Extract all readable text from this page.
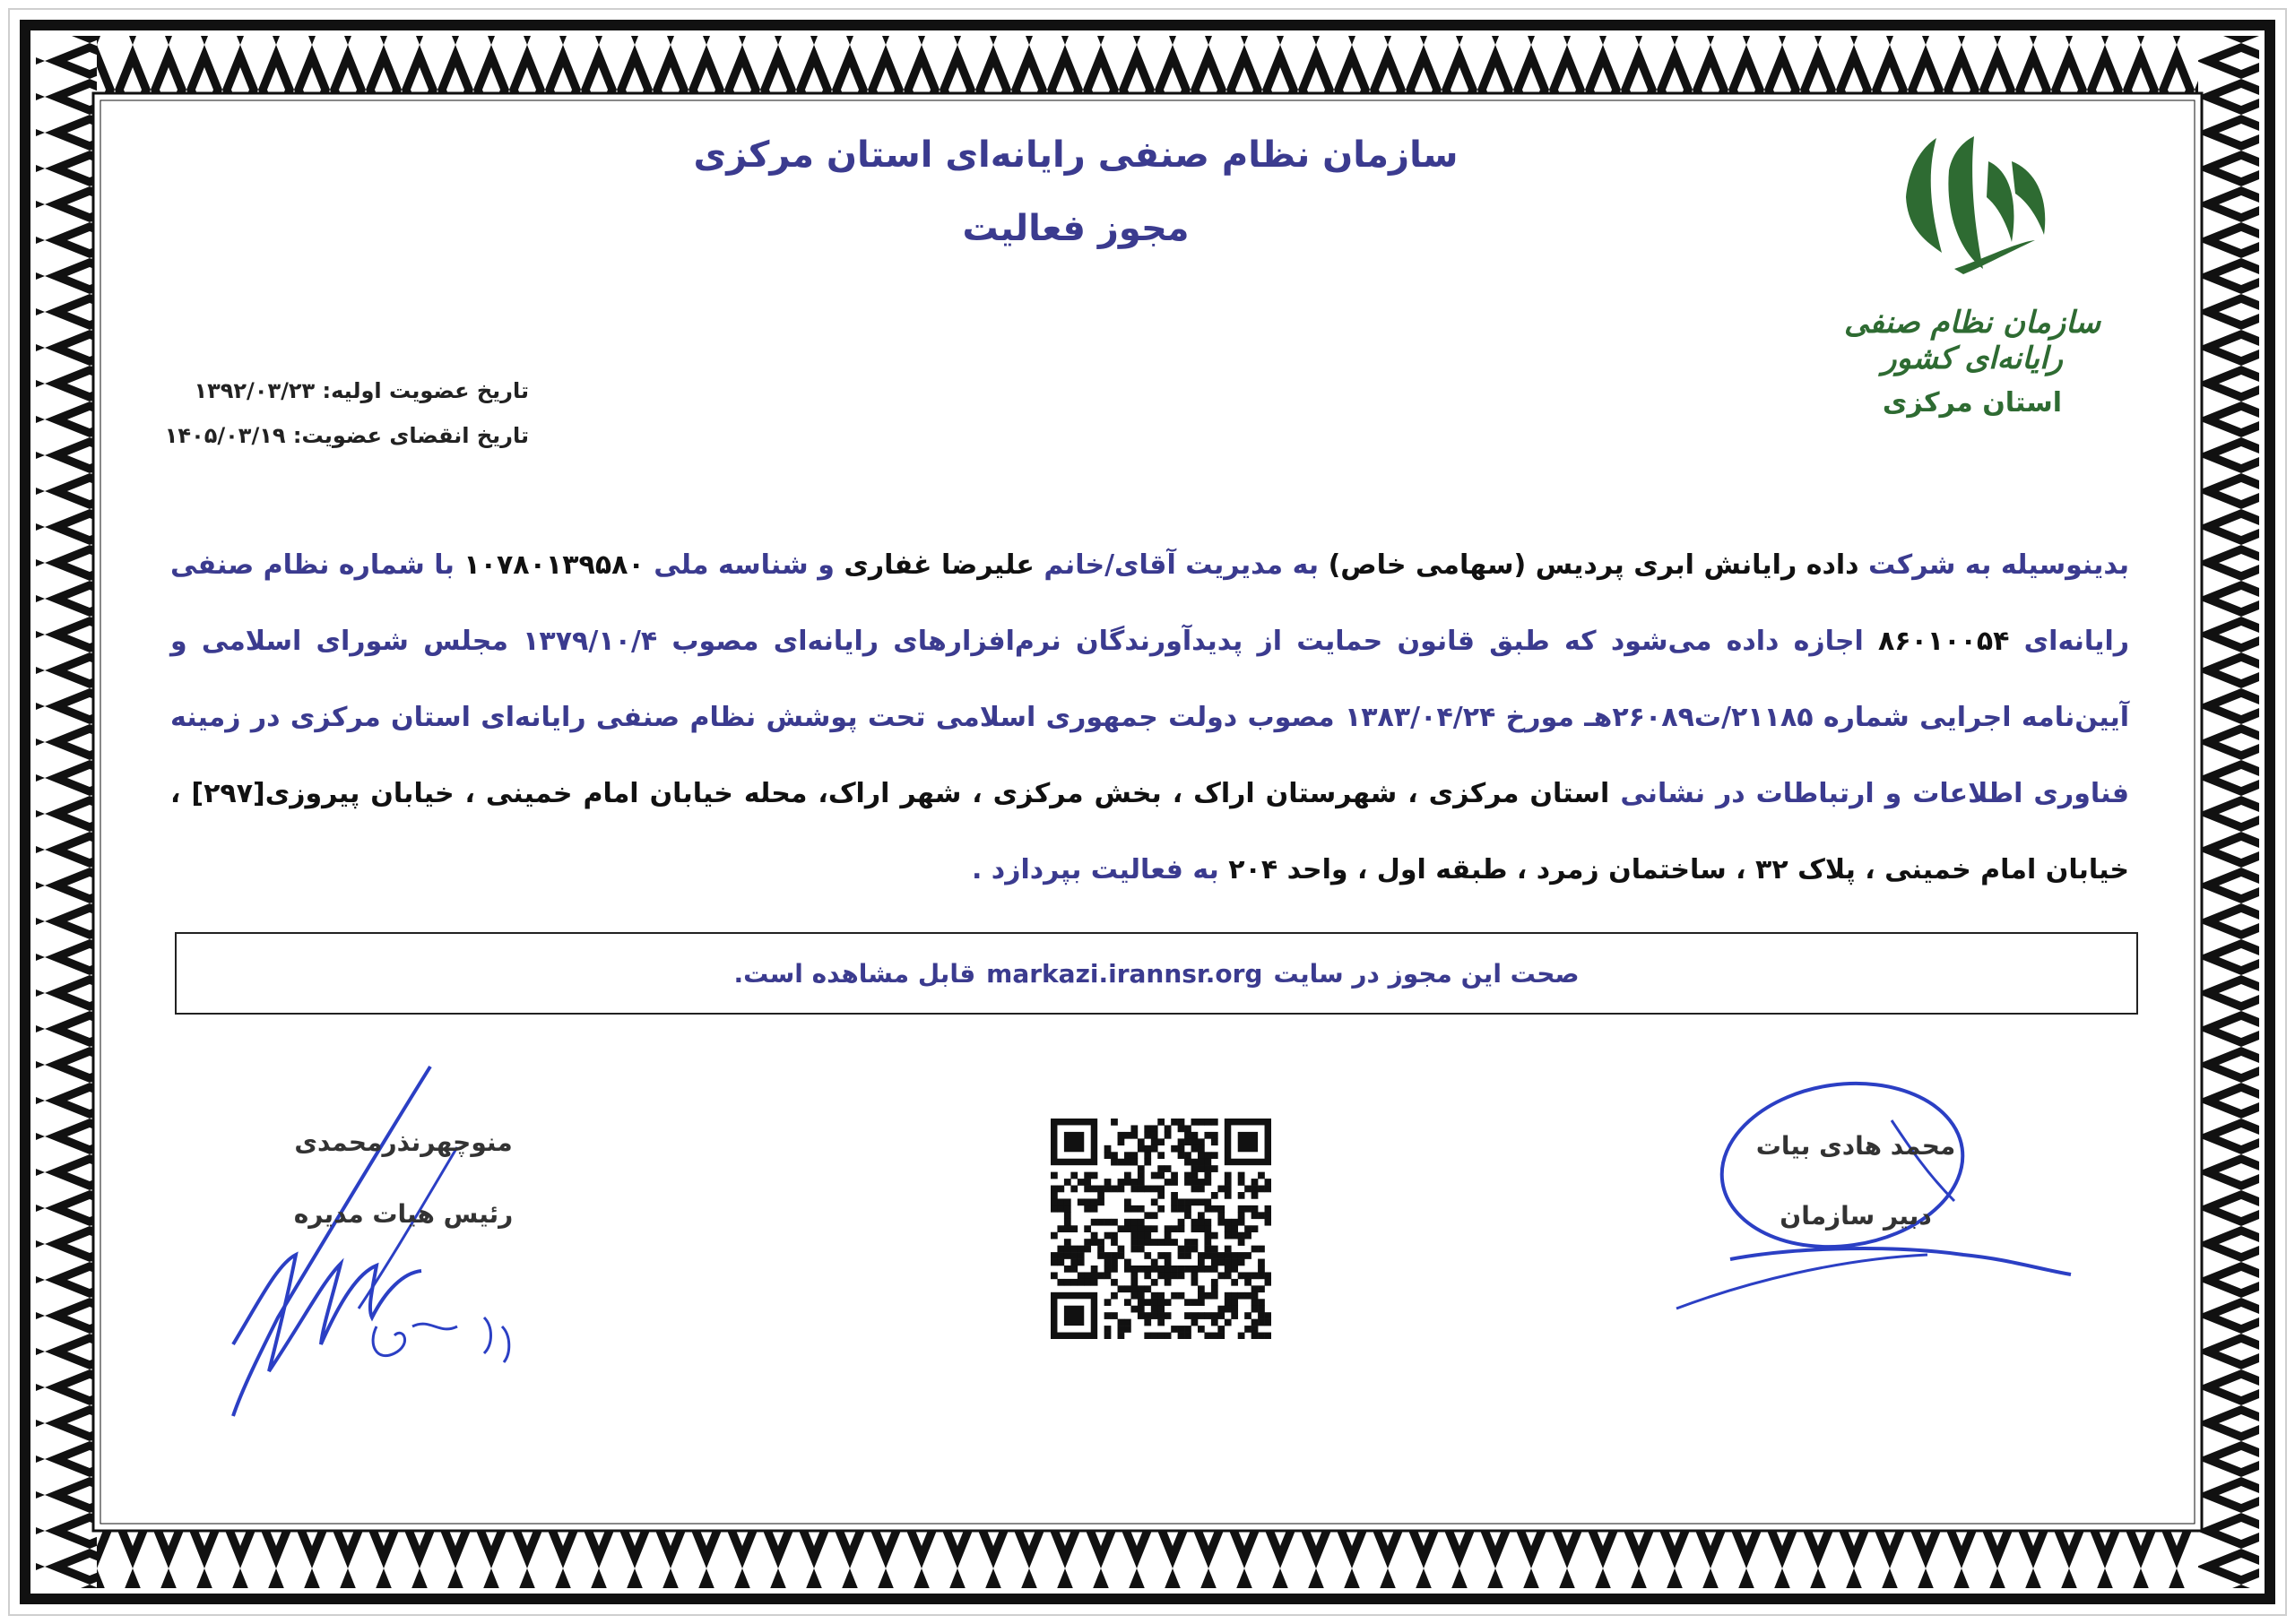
سازمان نظام صنفی رایانه‌ای استان مرکزی
مجوز فعالیت
سازمان نظام صنفی رایانه‌ای کشور
استان مرکزی
تاریخ عضویت اولیه: ۱۳۹۲/۰۳/۲۳
تاریخ انقضای عضویت: ۱۴۰۵/۰۳/۱۹
بدینوسیله به شرکت داده رایانش ابری پردیس (سهامی خاص) به مدیریت آقای/خانم علیرضا غفاری و شناسه ملی ۱۰۷۸۰۱۳۹۵۸۰ با شماره نظام صنفی رایانه‌ای ۸۶۰۱۰۰۵۴ اجازه داده می‌شود که طبق قانون حمایت از پدیدآورندگان نرم‌افزارهای رایانه‌ای مصوب ۱۳۷۹/۱۰/۴ مجلس شورای اسلامی و آیین‌نامه اجرایی شماره ۲۱۱۸۵/ت۲۶۰۸۹هـ مورخ ۱۳۸۳/۰۴/۲۴ مصوب دولت جمهوری اسلامی تحت پوشش نظام صنفی رایانه‌ای استان مرکزی در زمینه فناوری اطلاعات و ارتباطات در نشانی استان مرکزی ، شهرستان اراک ، بخش مرکزی ، شهر اراک، محله خیابان امام خمینی ، خیابان پیروزی[۲۹۷] ، خیابان امام خمینی ، پلاک ۳۲ ، ساختمان زمرد ، طبقه اول ، واحد ۲۰۴ به فعالیت بپردازد .
صحت این مجوز در سایت
markazi.irannsr.org
قابل مشاهده است.
منوچهرنذرمحمدی
رئیس هیات مدیره
محمد هادی بیات
دبیر سازمان
